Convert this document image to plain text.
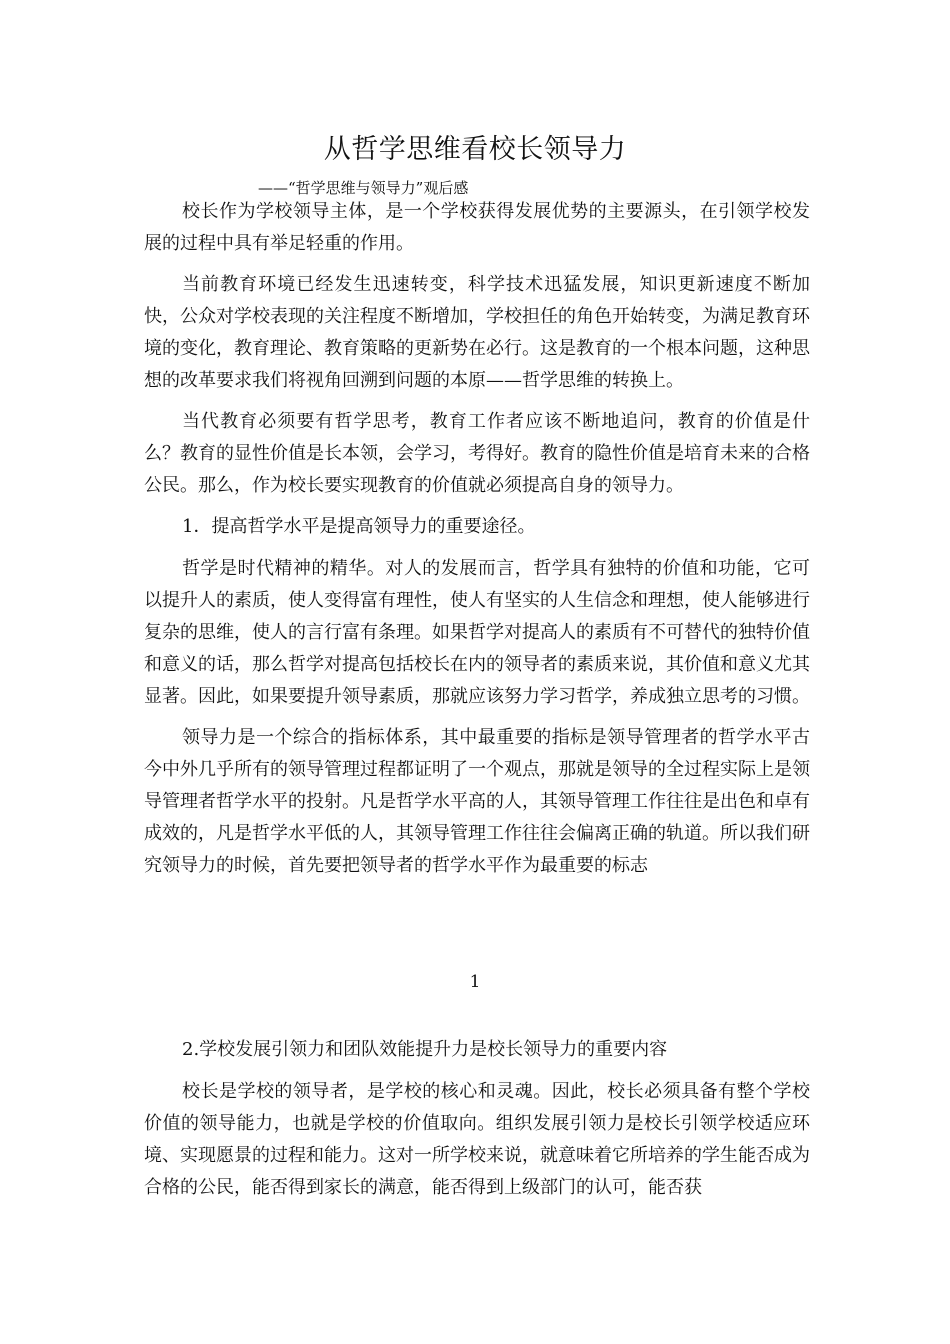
从哲学思维看校长领导力
——“哲学思维与领导力”观后感

校长作为学校领导主体，是一个学校获得发展优势的主要源头，在引领学校发展的过程中具有举足轻重的作用。

当前教育环境已经发生迅速转变，科学技术迅猛发展，知识更新速度不断加快，公众对学校表现的关注程度不断增加，学校担任的角色开始转变，为满足教育环境的变化，教育理论、教育策略的更新势在必行。这是教育的一个根本问题，这种思想的改革要求我们将视角回溯到问题的本原——哲学思维的转换上。

当代教育必须要有哲学思考，教育工作者应该不断地追问，教育的价值是什么？教育的显性价值是长本领，会学习，考得好。教育的隐性价值是培育未来的合格公民。那么，作为校长要实现教育的价值就必须提高自身的领导力。

1．提高哲学水平是提高领导力的重要途径。

哲学是时代精神的精华。对人的发展而言，哲学具有独特的价值和功能，它可以提升人的素质，使人变得富有理性，使人有坚实的人生信念和理想，使人能够进行复杂的思维，使人的言行富有条理。如果哲学对提高人的素质有不可替代的独特价值和意义的话，那么哲学对提高包括校长在内的领导者的素质来说，其价值和意义尤其显著。因此，如果要提升领导素质，那就应该努力学习哲学，养成独立思考的习惯。

领导力是一个综合的指标体系，其中最重要的指标是领导管理者的哲学水平古今中外几乎所有的领导管理过程都证明了一个观点，那就是领导的全过程实际上是领导管理者哲学水平的投射。凡是哲学水平高的人，其领导管理工作往往是出色和卓有成效的，凡是哲学水平低的人，其领导管理工作往往会偏离正确的轨道。所以我们研究领导力的时候，首先要把领导者的哲学水平作为最重要的标志

1

2.学校发展引领力和团队效能提升力是校长领导力的重要内容

校长是学校的领导者，是学校的核心和灵魂。因此，校长必须具备有整个学校价值的领导能力，也就是学校的价值取向。组织发展引领力是校长引领学校适应环境、实现愿景的过程和能力。这对一所学校来说，就意味着它所培养的学生能否成为合格的公民，能否得到家长的满意，能否得到上级部门的认可，能否获
